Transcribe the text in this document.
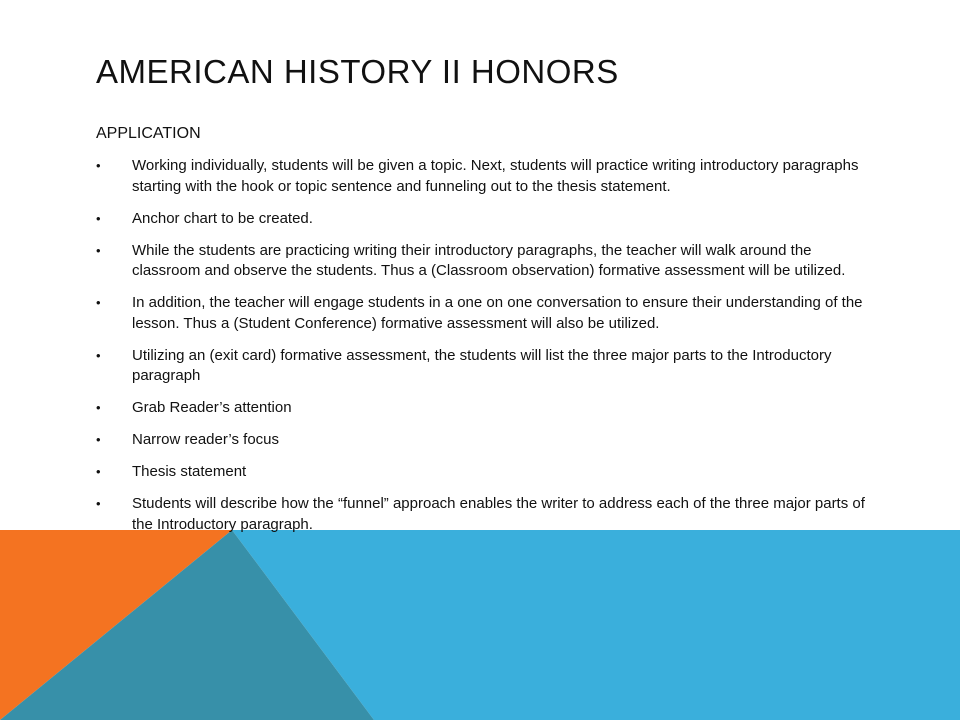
AMERICAN HISTORY II HONORS
APPLICATION
• Working individually, students will be given a topic. Next, students will practice writing introductory paragraphs starting with the hook or topic sentence and funneling out to the thesis statement.
• Anchor chart to be created.
• While the students are practicing writing their introductory paragraphs, the teacher will walk around the classroom and observe the students. Thus a (Classroom observation) formative assessment will be utilized.
• In addition, the teacher will engage students in a one on one conversation to ensure their understanding of the lesson. Thus a (Student Conference) formative assessment will also be utilized.
• Utilizing an (exit card) formative assessment, the students will list the three major parts to the Introductory paragraph
• Grab Reader’s attention
• Narrow reader’s focus
• Thesis statement
• Students will describe how the “funnel” approach enables the writer to address each of the three major parts of the Introductory paragraph.
